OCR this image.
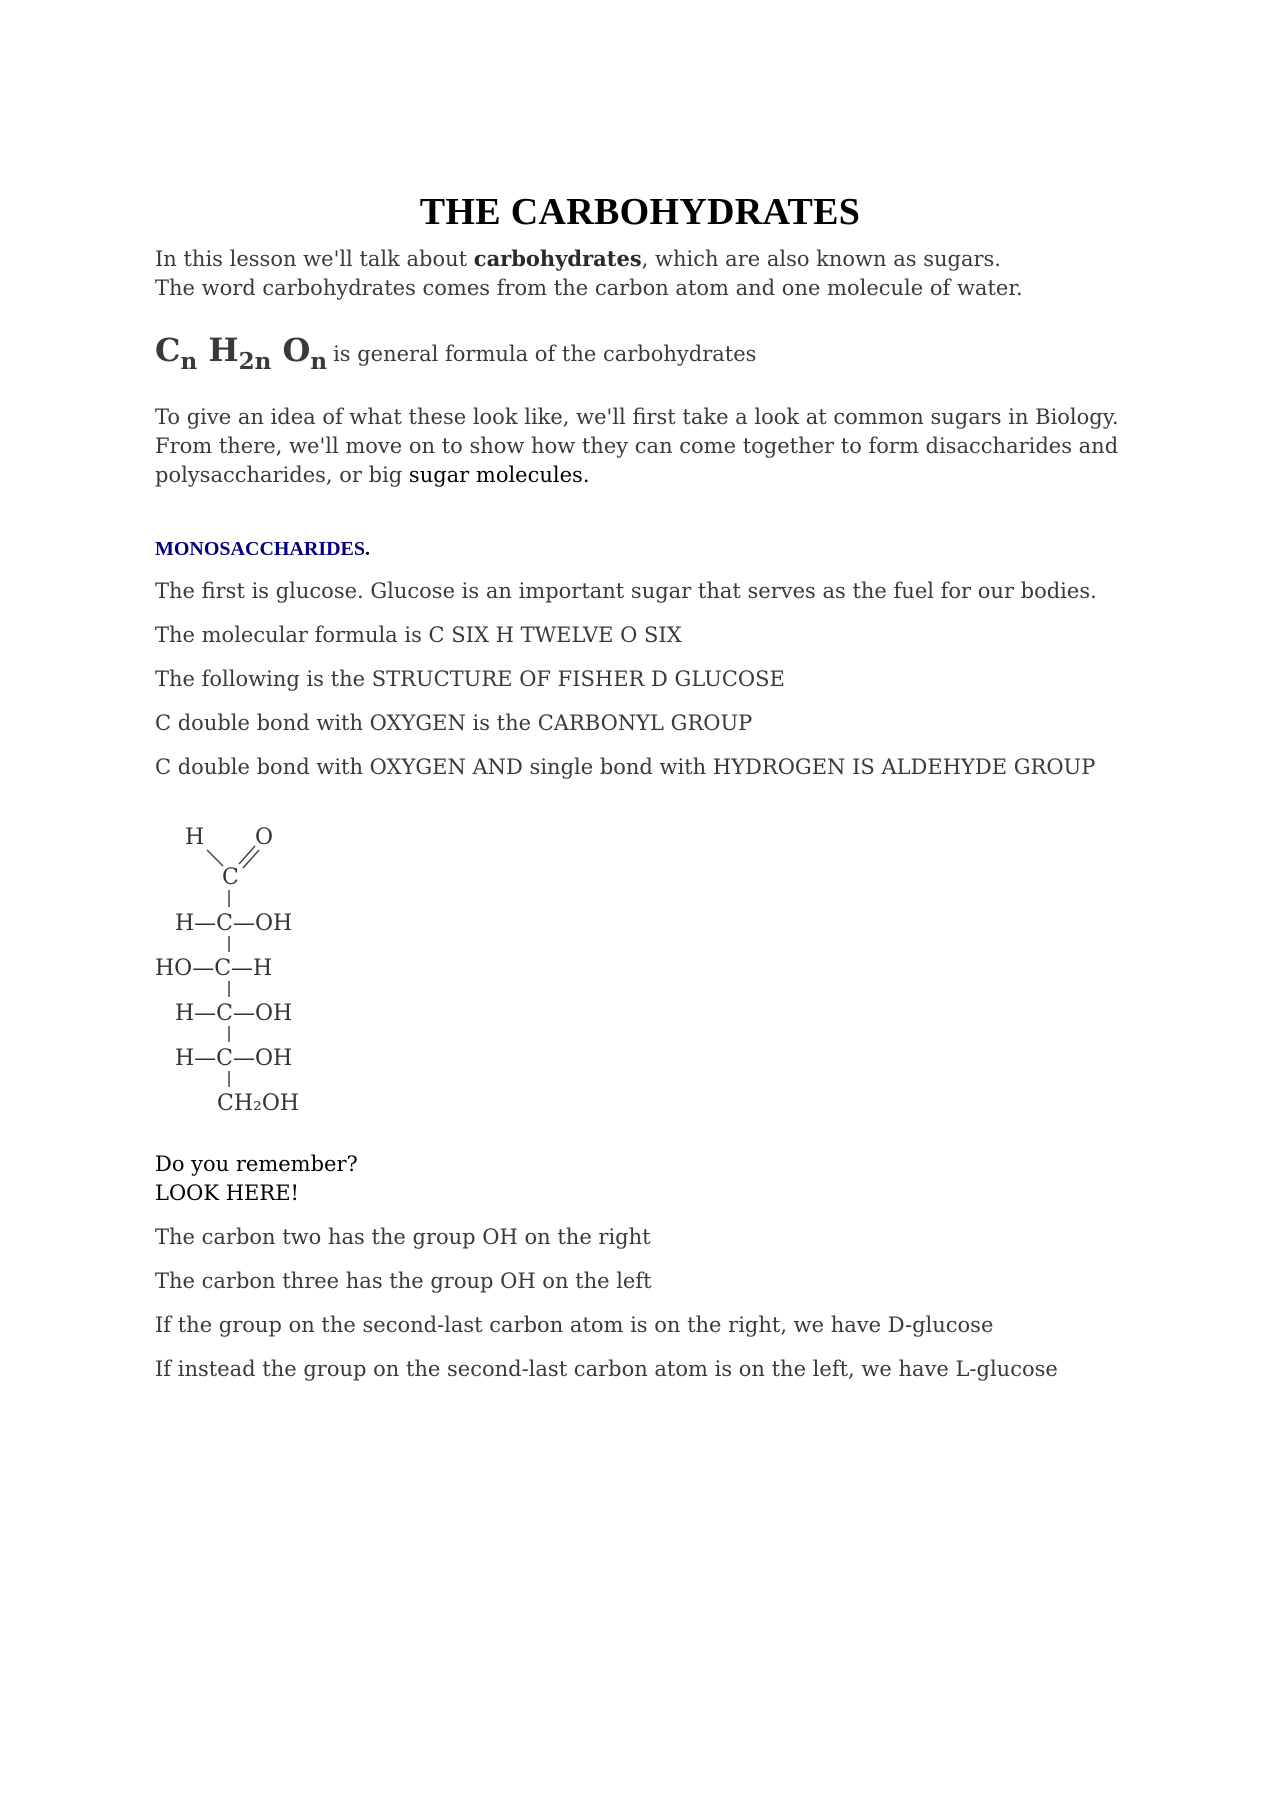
THE CARBOHYDRATES

In this lesson we'll talk about carbohydrates, which are also known as sugars.
The word carbohydrates comes from the carbon atom and one molecule of water.

$C_n$ $H_{2n}$ $O_n$ is general formula of the carbohydrates

To give an idea of what these look like, we'll first take a look at common sugars in Biology.
From there, we'll move on to show how they can come together to form disaccharides and polysaccharides, or big sugar molecules.

MONOSACCHARIDES.

The first is glucose. Glucose is an important sugar that serves as the fuel for our bodies.

The molecular formula is C SIX H TWELVE O SIX

The following is the STRUCTURE OF FISHER D GLUCOSE

C double bond with OXYGEN is the CARBONYL GROUP

C double bond with OXYGEN AND single bond with HYDROGEN IS ALDEHYDE GROUP

H O
C
H—C—OH
HO—C—H
H—C—OH
H—C—OH
CH₂OH

Do you remember?
LOOK HERE!

The carbon two has the group OH on the right

The carbon three has the group OH on the left

If the group on the second-last carbon atom is on the right, we have D-glucose

If instead the group on the second-last carbon atom is on the left, we have L-glucose
